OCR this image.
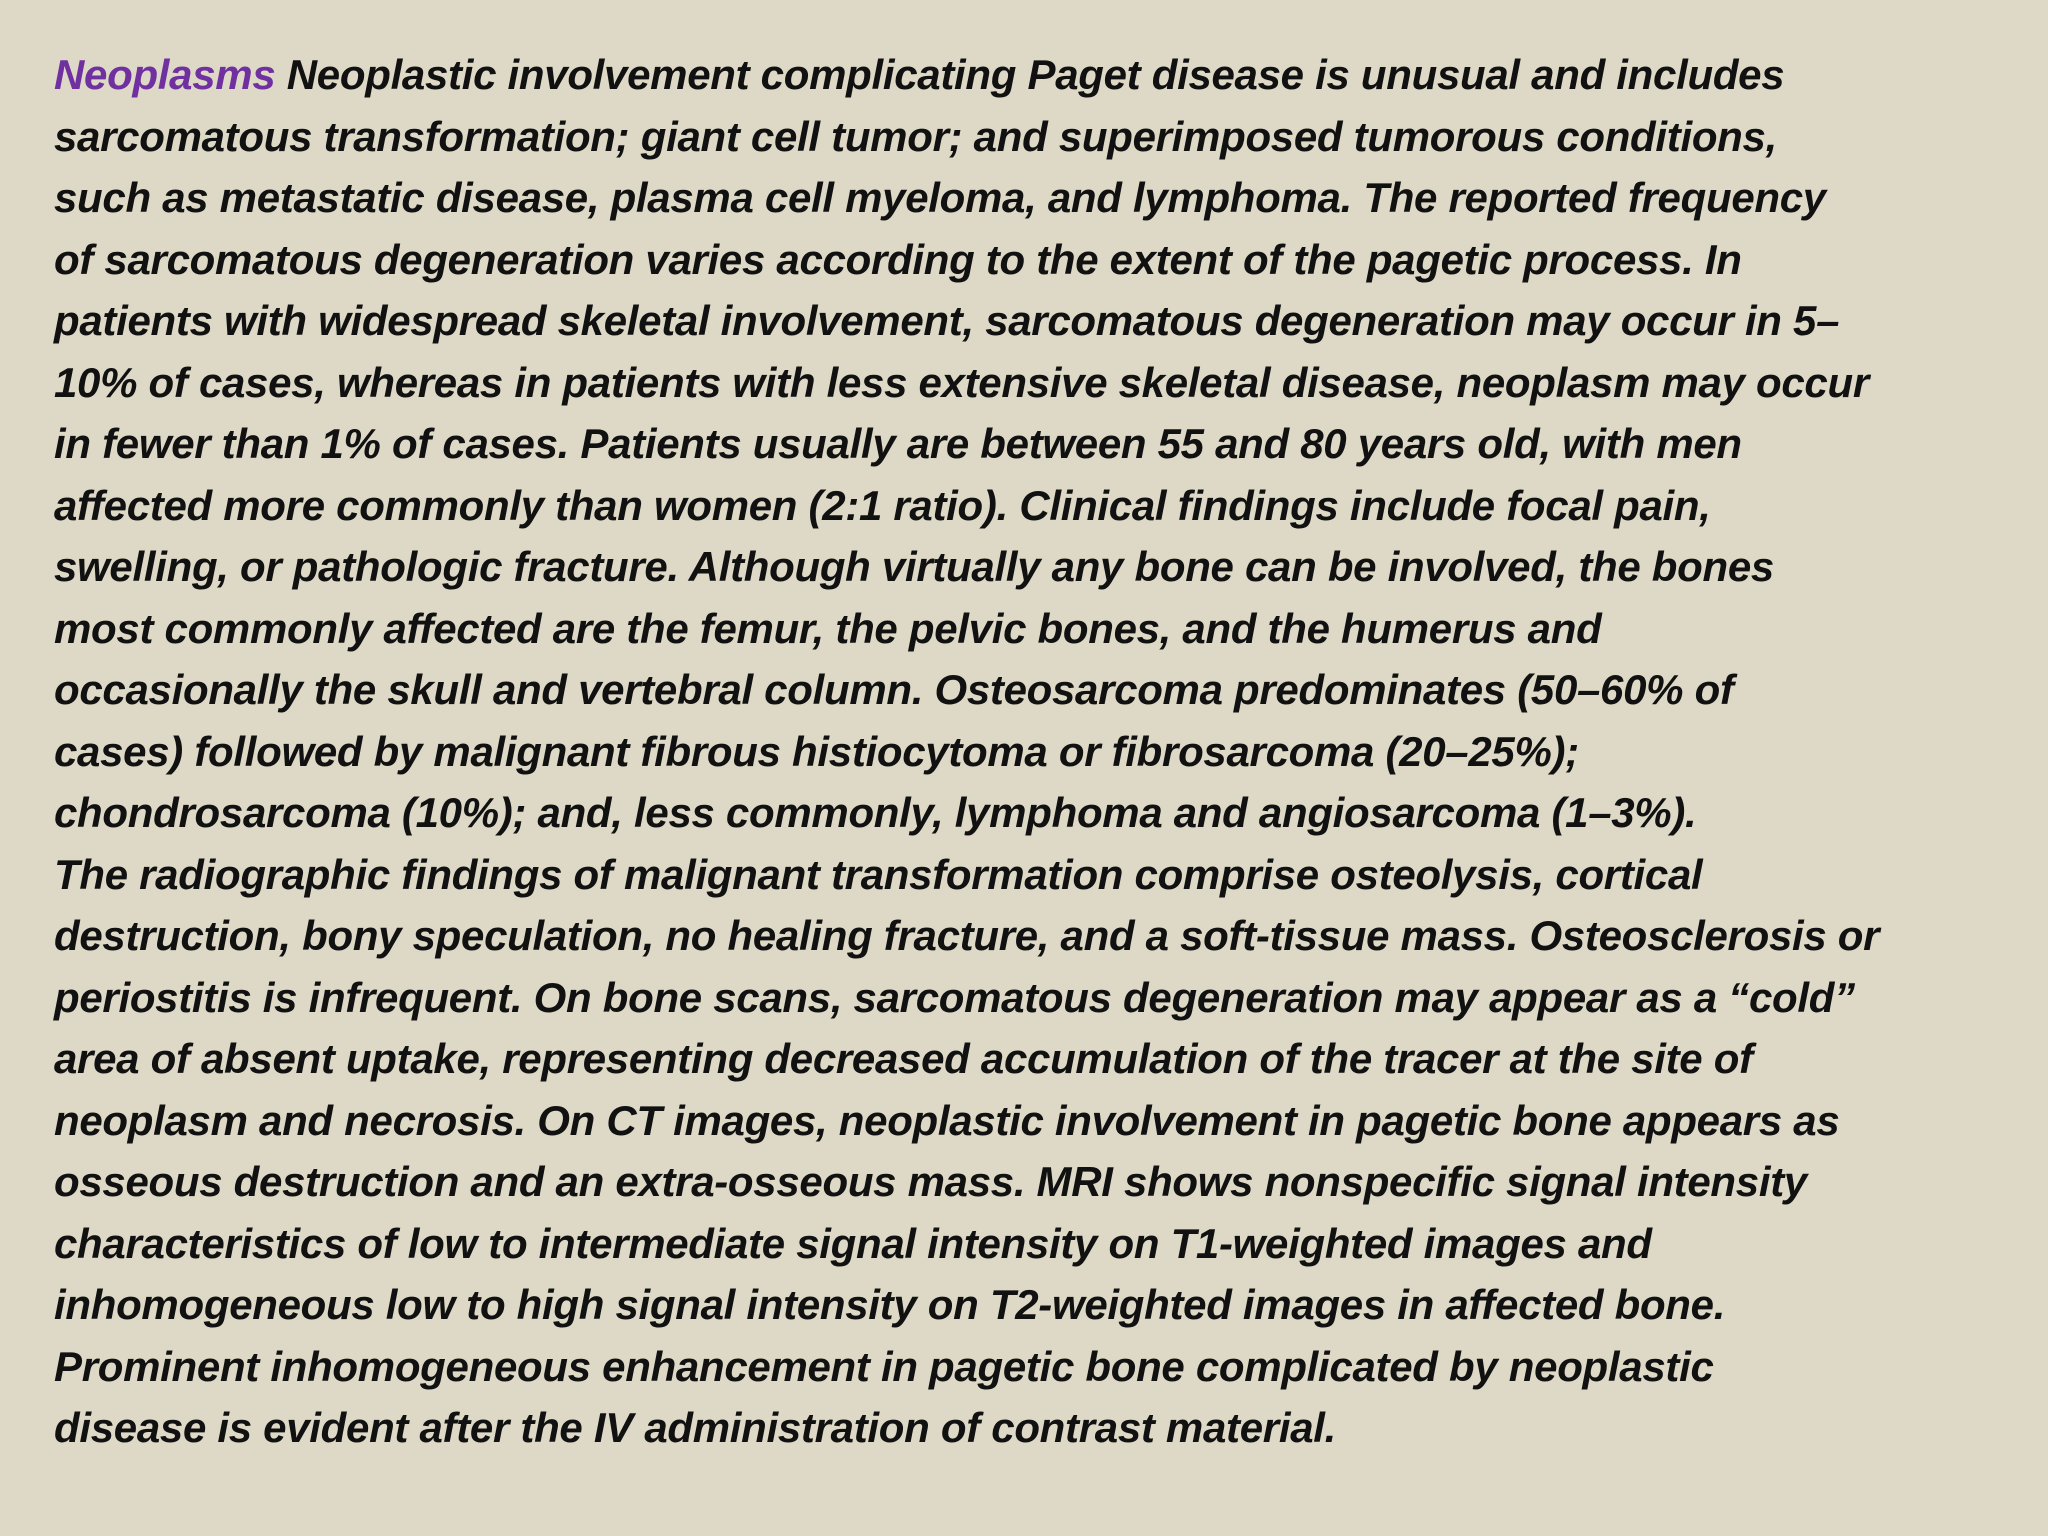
Neoplasms Neoplastic involvement complicating Paget disease is unusual and includes
sarcomatous transformation; giant cell tumor; and superimposed tumorous conditions,
such as metastatic disease, plasma cell myeloma, and lymphoma. The reported frequency
of sarcomatous degeneration varies according to the extent of the pagetic process. In
patients with widespread skeletal involvement, sarcomatous degeneration may occur in 5–
10% of cases, whereas in patients with less extensive skeletal disease, neoplasm may occur
in fewer than 1% of cases. Patients usually are between 55 and 80 years old, with men
affected more commonly than women (2:1 ratio). Clinical findings include focal pain,
swelling, or pathologic fracture. Although virtually any bone can be involved, the bones
most commonly affected are the femur, the pelvic bones, and the humerus and
occasionally the skull and vertebral column. Osteosarcoma predominates (50–60% of
cases) followed by malignant fibrous histiocytoma or fibrosarcoma (20–25%);
chondrosarcoma (10%); and, less commonly, lymphoma and angiosarcoma (1–3%).
The radiographic findings of malignant transformation comprise osteolysis, cortical
destruction, bony speculation, no healing fracture, and a soft-tissue mass. Osteosclerosis or
periostitis is infrequent. On bone scans, sarcomatous degeneration may appear as a “cold”
area of absent uptake, representing decreased accumulation of the tracer at the site of
neoplasm and necrosis. On CT images, neoplastic involvement in pagetic bone appears as
osseous destruction and an extra-osseous mass. MRI shows nonspecific signal intensity
characteristics of low to intermediate signal intensity on T1-weighted images and
inhomogeneous low to high signal intensity on T2-weighted images in affected bone.
Prominent inhomogeneous enhancement in pagetic bone complicated by neoplastic
disease is evident after the IV administration of contrast material.
